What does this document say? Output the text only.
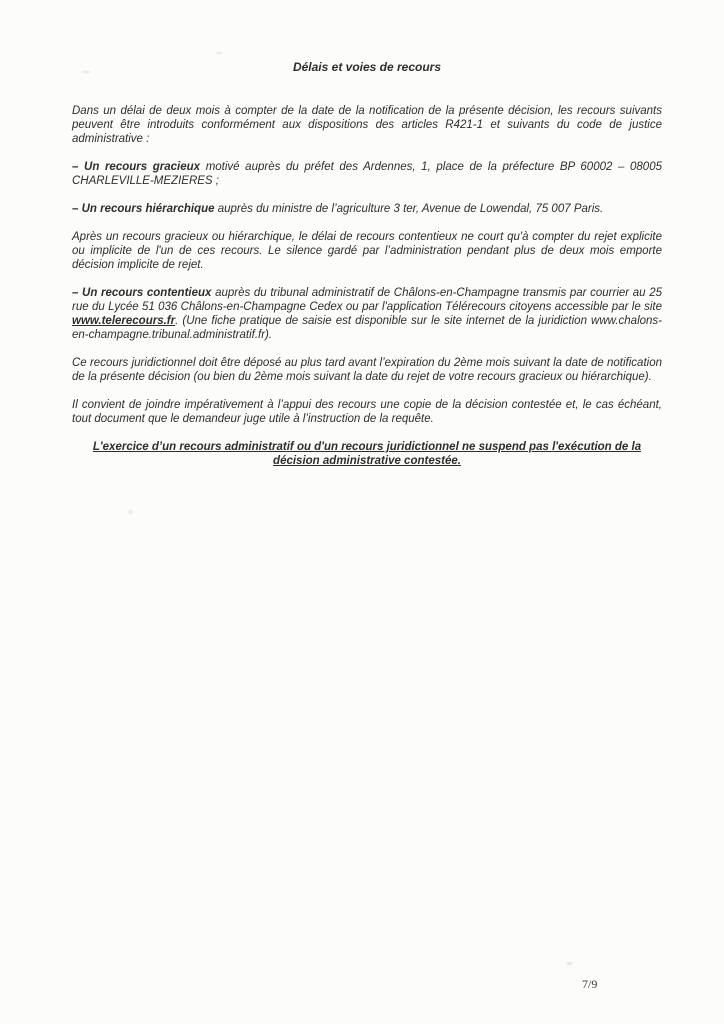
Délais et voies de recours

Dans un délai de deux mois à compter de la date de la notification de la présente décision, les recours suivants peuvent être introduits conformément aux dispositions des articles R421-1 et suivants du code de justice administrative :

– Un recours gracieux motivé auprès du préfet des Ardennes, 1, place de la préfecture BP 60002 – 08005 CHARLEVILLE-MEZIERES ;

– Un recours hiérarchique auprès du ministre de l’agriculture 3 ter, Avenue de Lowendal, 75 007 Paris.

Après un recours gracieux ou hiérarchique, le délai de recours contentieux ne court qu'à compter du rejet explicite ou implicite de l'un de ces recours. Le silence gardé par l’administration pendant plus de deux mois emporte décision implicite de rejet.

– Un recours contentieux auprès du tribunal administratif de Châlons-en-Champagne transmis par courrier au 25 rue du Lycée 51 036 Châlons-en-Champagne Cedex ou par l'application Télérecours citoyens accessible par le site www.telerecours.fr. (Une fiche pratique de saisie est disponible sur le site internet de la juridiction www.chalons-en-champagne.tribunal.administratif.fr).

Ce recours juridictionnel doit être déposé au plus tard avant l’expiration du 2ème mois suivant la date de notification de la présente décision (ou bien du 2ème mois suivant la date du rejet de votre recours gracieux ou hiérarchique).

Il convient de joindre impérativement à l’appui des recours une copie de la décision contestée et, le cas échéant, tout document que le demandeur juge utile à l’instruction de la requête.

L'exercice d’un recours administratif ou d'un recours juridictionnel ne suspend pas l'exécution de la décision administrative contestée.

7/9
